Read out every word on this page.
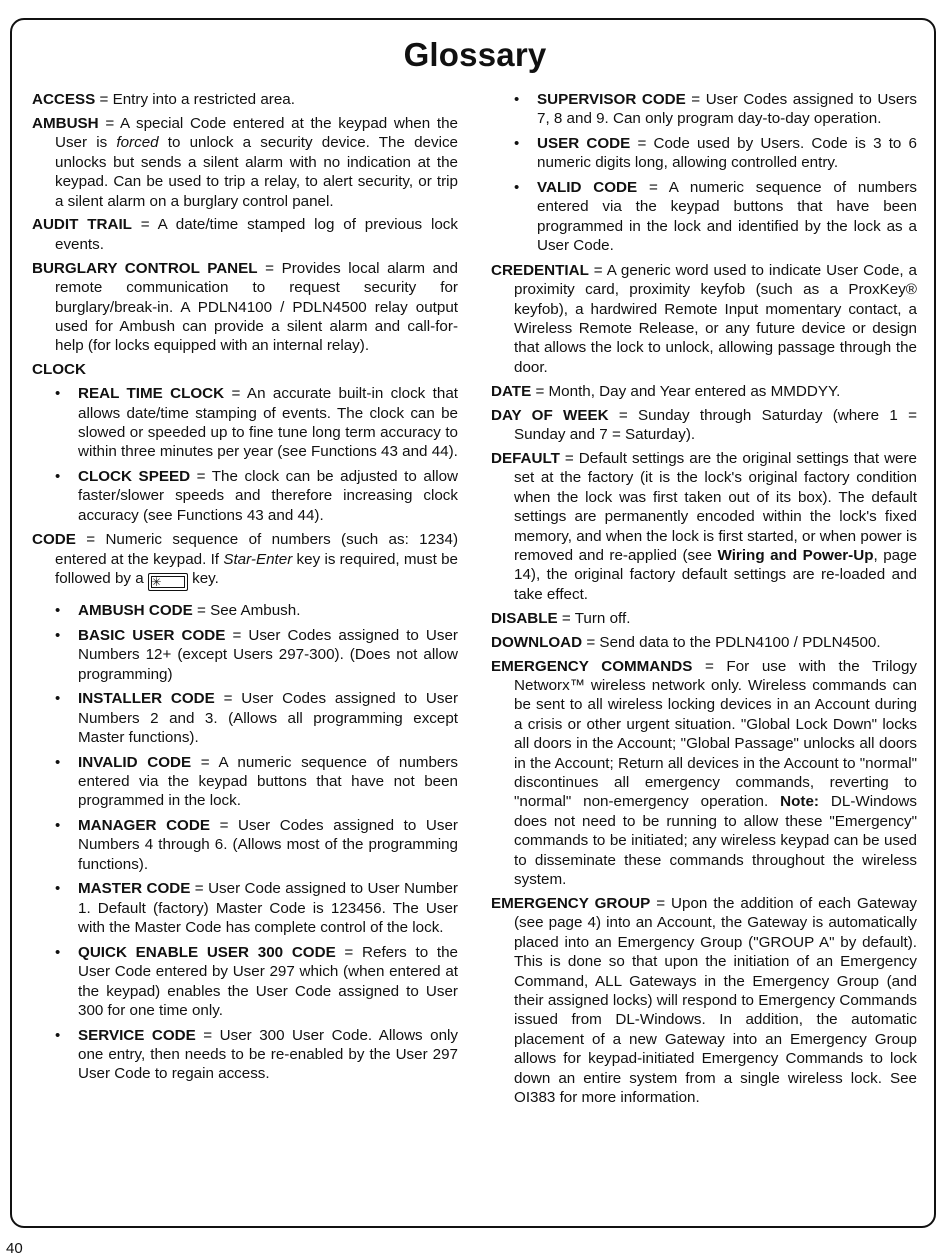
Glossary

ACCESS = Entry into a restricted area.

AMBUSH = A special Code entered at the keypad when the User is forced to unlock a security device. The device unlocks but sends a silent alarm with no indication at the keypad. Can be used to trip a relay, to alert security, or trip a silent alarm on a burglary control panel.

AUDIT TRAIL = A date/time stamped log of previous lock events.

BURGLARY CONTROL PANEL = Provides local alarm and remote communication to request security for burglary/break-in. A PDLN4100 / PDLN4500 relay output used for Ambush can provide a silent alarm and call-for-help (for locks equipped with an internal relay).

CLOCK

• REAL TIME CLOCK = An accurate built-in clock that allows date/time stamping of events. The clock can be slowed or speeded up to fine tune long term accuracy to within three minutes per year (see Functions 43 and 44).
• CLOCK SPEED = The clock can be adjusted to allow faster/slower speeds and therefore increasing clock accuracy (see Functions 43 and 44).

CODE = Numeric sequence of numbers (such as: 1234) entered at the keypad. If Star-Enter key is required, must be followed by a ✳ key.

• AMBUSH CODE = See Ambush.
• BASIC USER CODE = User Codes assigned to User Numbers 12+ (except Users 297-300). (Does not allow programming)
• INSTALLER CODE = User Codes assigned to User Numbers 2 and 3. (Allows all programming except Master functions).
• INVALID CODE = A numeric sequence of numbers entered via the keypad buttons that have not been programmed in the lock.
• MANAGER CODE = User Codes assigned to User Numbers 4 through 6. (Allows most of the programming functions).
• MASTER CODE = User Code assigned to User Number 1. Default (factory) Master Code is 123456. The User with the Master Code has complete control of the lock.
• QUICK ENABLE USER 300 CODE = Refers to the User Code entered by User 297 which (when entered at the keypad) enables the User Code assigned to User 300 for one time only.
• SERVICE CODE = User 300 User Code. Allows only one entry, then needs to be re-enabled by the User 297 User Code to regain access.
• SUPERVISOR CODE = User Codes assigned to Users 7, 8 and 9. Can only program day-to-day operation.
• USER CODE = Code used by Users. Code is 3 to 6 numeric digits long, allowing controlled entry.
• VALID CODE = A numeric sequence of numbers entered via the keypad buttons that have been programmed in the lock and identified by the lock as a User Code.

CREDENTIAL = A generic word used to indicate User Code, a proximity card, proximity keyfob (such as a ProxKey® keyfob), a hardwired Remote Input momentary contact, a Wireless Remote Release, or any future device or design that allows the lock to unlock, allowing passage through the door.

DATE = Month, Day and Year entered as MMDDYY.

DAY OF WEEK = Sunday through Saturday (where 1 = Sunday and 7 = Saturday).

DEFAULT = Default settings are the original settings that were set at the factory (it is the lock's original factory condition when the lock was first taken out of its box). The default settings are permanently encoded within the lock's fixed memory, and when the lock is first started, or when power is removed and re-applied (see Wiring and Power-Up, page 14), the original factory default settings are re-loaded and take effect.

DISABLE = Turn off.

DOWNLOAD = Send data to the PDLN4100 / PDLN4500.

EMERGENCY COMMANDS = For use with the Trilogy Networx™ wireless network only. Wireless commands can be sent to all wireless locking devices in an Account during a crisis or other urgent situation. "Global Lock Down" locks all doors in the Account; "Global Passage" unlocks all doors in the Account; Return all devices in the Account to "normal" discontinues all emergency commands, reverting to "normal" non-emergency operation. Note: DL-Windows does not need to be running to allow these "Emergency" commands to be initiated; any wireless keypad can be used to disseminate these commands throughout the wireless system.

EMERGENCY GROUP = Upon the addition of each Gateway (see page 4) into an Account, the Gateway is automatically placed into an Emergency Group ("GROUP A" by default). This is done so that upon the initiation of an Emergency Command, ALL Gateways in the Emergency Group (and their assigned locks) will respond to Emergency Commands issued from DL-Windows. In addition, the automatic placement of a new Gateway into an Emergency Group allows for keypad-initiated Emergency Commands to lock down an entire system from a single wireless lock. See OI383 for more information.

40
